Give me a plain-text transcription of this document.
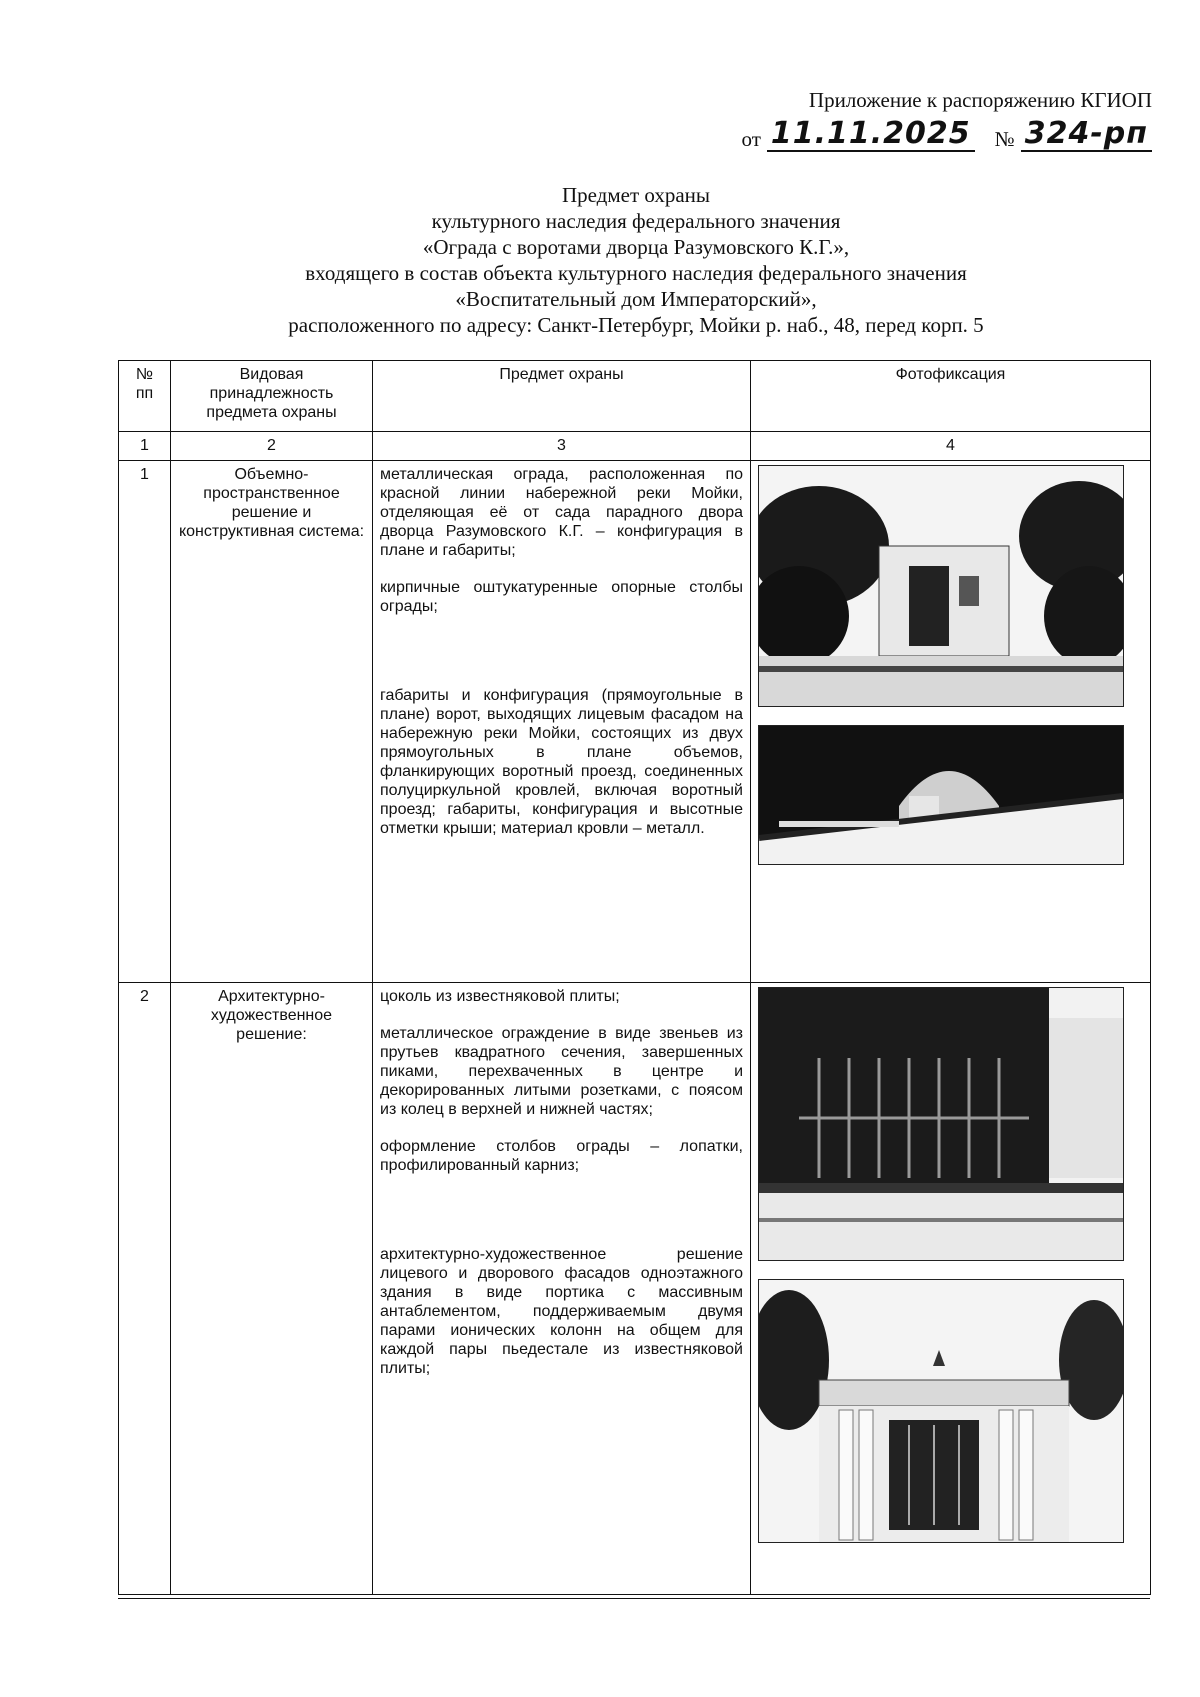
Приложение к распоряжению КГИОП
от 11.11.2025 № 324-рп
Предмет охраны
культурного наследия федерального значения
«Ограда с воротами дворца Разумовского К.Г.»,
входящего в состав объекта культурного наследия федерального значения
«Воспитательный дом Императорский»,
расположенного по адресу: Санкт-Петербург, Мойки р. наб., 48, перед корп. 5
№ пп	Видовая принадлежность предмета охраны	Предмет охраны	Фотофиксация
1	2	3	4
1	Объемно-пространственное решение и конструктивная система:	металлическая ограда, расположенная по красной линии набережной реки Мойки, отделяющая её от сада парадного двора дворца Разумовского К.Г. – конфигурация в плане и габариты;

кирпичные оштукатуренные опорные столбы ограды;

габариты и конфигурация (прямоугольные в плане) ворот, выходящих лицевым фасадом на набережную реки Мойки, состоящих из двух прямоугольных в плане объемов, фланкирующих воротный проезд, соединенных полуциркульной кровлей, включая воротный проезд; габариты, конфигурация и высотные отметки крыши; материал кровли – металл.

2	Архитектурно-художественное решение:	цоколь из известняковой плиты;

металлическое ограждение в виде звеньев из прутьев квадратного сечения, завершенных пиками, перехваченных в центре и декорированных литыми розетками, с поясом из колец в верхней и нижней частях;

оформление столбов ограды – лопатки, профилированный карниз;

архитектурно-художественное решение лицевого и дворового фасадов одноэтажного здания в виде портика с массивным антаблементом, поддерживаемым двумя парами ионических колонн на общем для каждой пары пьедестале из известняковой плиты;
